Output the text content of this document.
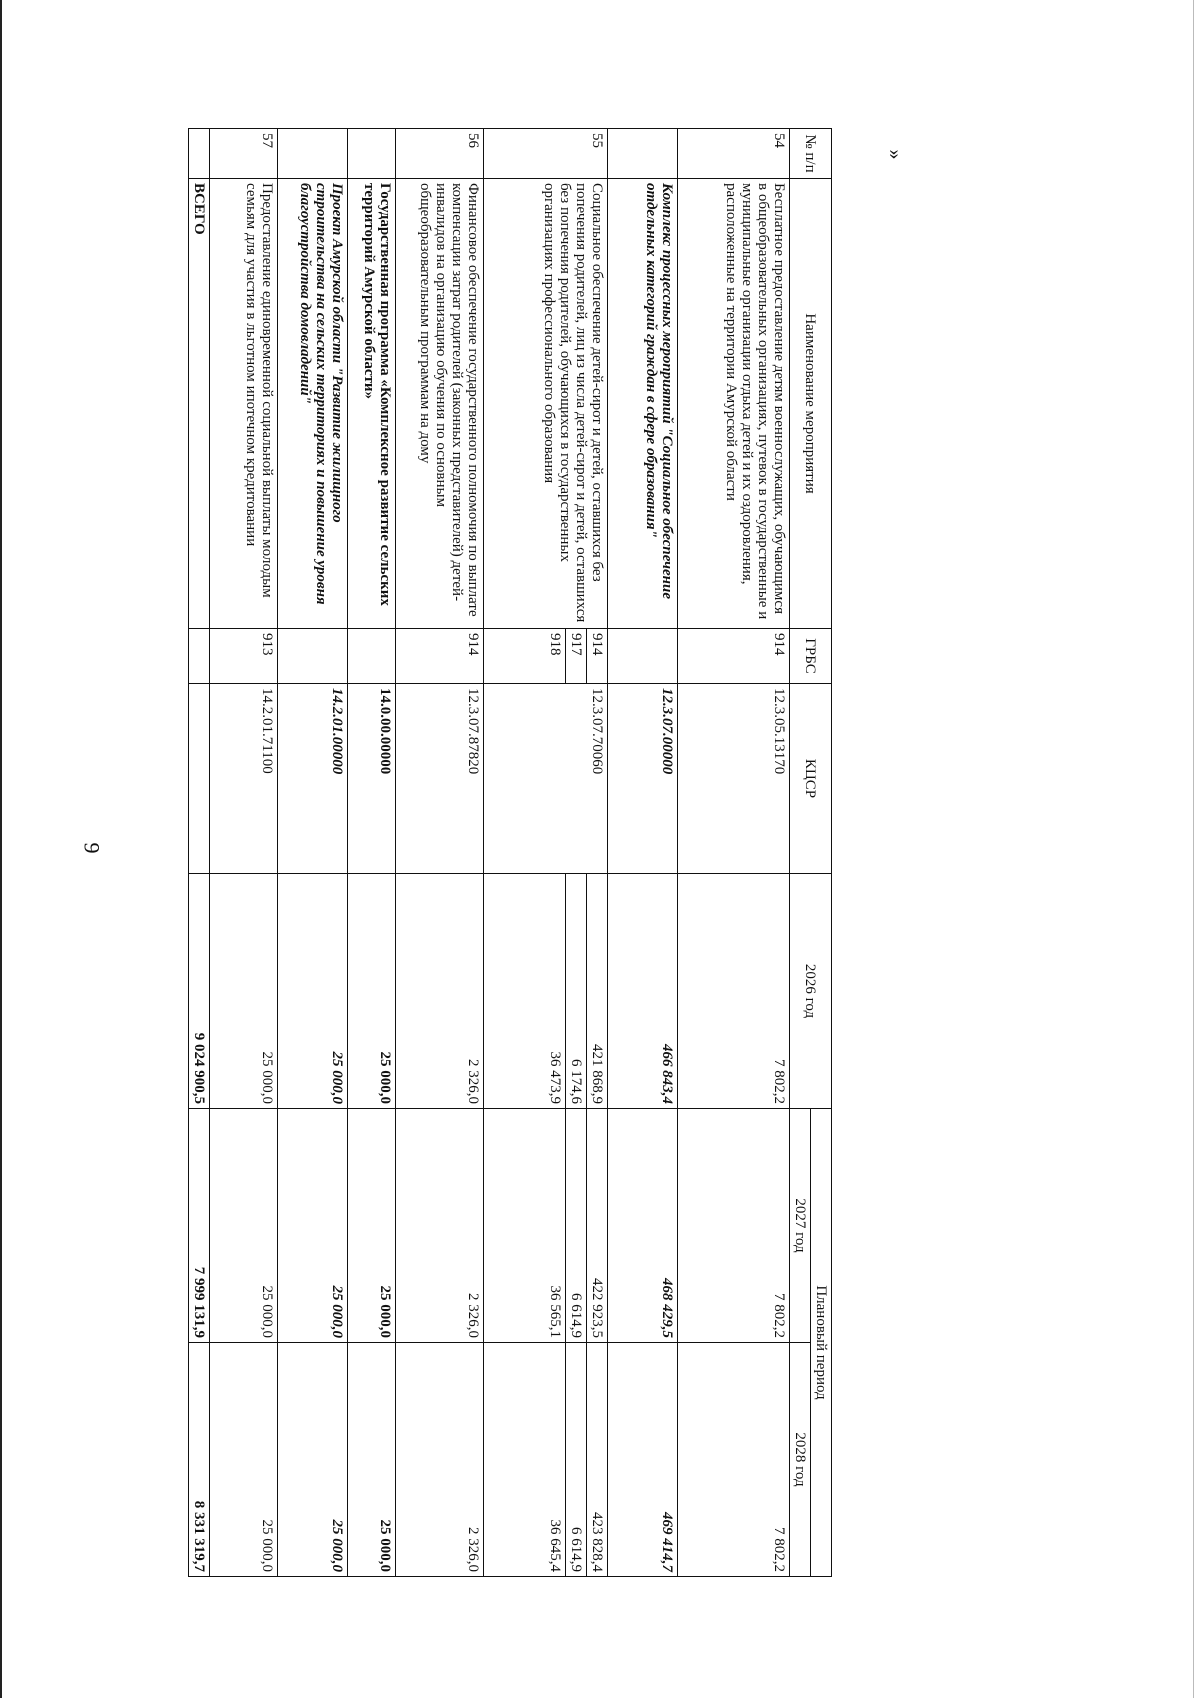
9
»
№ п/п	Наименование мероприятия	ГРБС	КЦСР	2026 год	Плановый период	
					2027 год	2028 год
54	Бесплатное предоставление детям военнослужащих, обучающимся в общеобразовательных организациях, путевок в государственные и муниципальные организации отдыха детей и их оздоровления, расположенные на территории Амурской области	914	12.3.05.13170	7 802,2	7 802,2	7 802,2
	Комплекс процессных мероприятий "Социальное обеспечение отдельных категорий граждан в сфере образования"		12.3.07.00000	466 843,4	468 429,5	469 414,7
55	Социальное обеспечение детей-сирот и детей, оставшихся без попечения родителей, лиц из числа детей-сирот и детей, оставшихся без попечения родителей, обучающихся в государственных организациях профессионального образования	914	12.3.07.70060	421 868,9	422 923,5	423 828,4
		917		6 174,6	6 614,9	6 614,9
		918		36 473,9	36 565,1	36 645,4
56	Финансовое обеспечение государственного полномочия по выплате компенсации затрат родителей (законных представителей) детей-инвалидов на организацию обучения по основным общеобразовательным программам на дому	914	12.3.07.87820	2 326,0	2 326,0	2 326,0
	Государственная программа «Комплексное развитие сельских территорий Амурской области»		14.0.00.00000	25 000,0	25 000,0	25 000,0
	Проект Амурской области "Развитие жилищного строительства на сельских территориях и повышение уровня благоустройства домовладений"		14.2.01.00000	25 000,0	25 000,0	25 000,0
57	Предоставление единовременной социальной выплаты молодым семьям для участия в льготном ипотечном кредитовании	913	14.2.01.71100	25 000,0	25 000,0	25 000,0
	ВСЕГО			9 024 900,5	7 999 131,9	8 331 319,7
